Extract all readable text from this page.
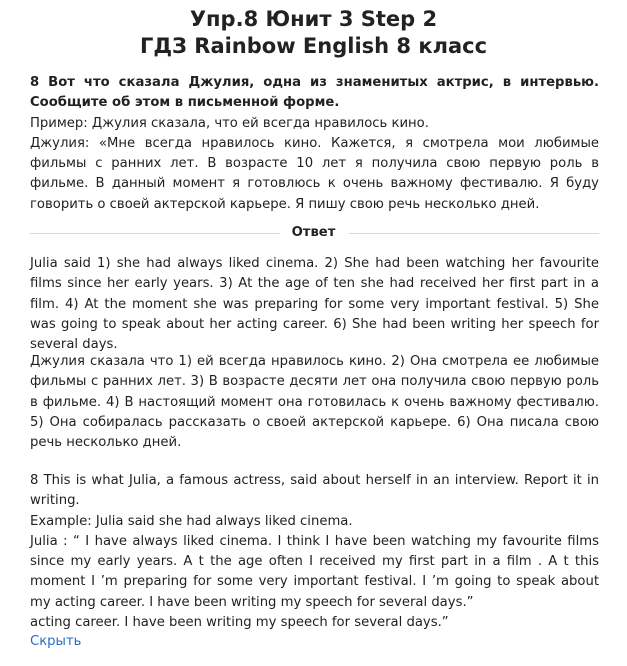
Упр.8 Юнит 3 Step 2
ГДЗ Rainbow English 8 класс

8 Вот что сказала Джулия, одна из знаменитых актрис, в интервью. Сообщите об этом в письменной форме.

Пример: Джулия сказала, что ей всегда нравилось кино.

Джулия: «Мне всегда нравилось кино. Кажется, я смотрела мои любимые фильмы с ранних лет. В возрасте 10 лет я получила свою первую роль в фильме. В данный момент я готовлюсь к очень важному фестивалю. Я буду говорить о своей актерской карьере. Я пишу свою речь несколько дней.

Ответ

Julia said 1) she had always liked cinema. 2) She had been watching her favourite films since her early years. 3) At the age of ten she had received her first part in a film. 4) At the moment she was preparing for some very important festival. 5) She was going to speak about her acting career. 6) She had been writing her speech for several days.

Джулия сказала что 1) ей всегда нравилось кино. 2) Она смотрела ее любимые фильмы с ранних лет. 3) В возрасте десяти лет она получила свою первую роль в фильме. 4) В настоящий момент она готовилась к очень важному фестивалю. 5) Она собиралась рассказать о своей актерской карьере. 6) Она писала свою речь несколько дней.

8 This is what Julia, a famous actress, said about herself in an interview. Report it in writing.

Example: Julia said she had always liked cinema.

Julia : “ I have always liked cinema. I think I have been watching my favourite films since my early years. A t the age often I received my first part in a film . A t this moment I ’m preparing for some very important festival. I ’m going to speak about my acting career. I have been writing my speech for several days.”

acting career. I have been writing my speech for several days.”

Скрыть
